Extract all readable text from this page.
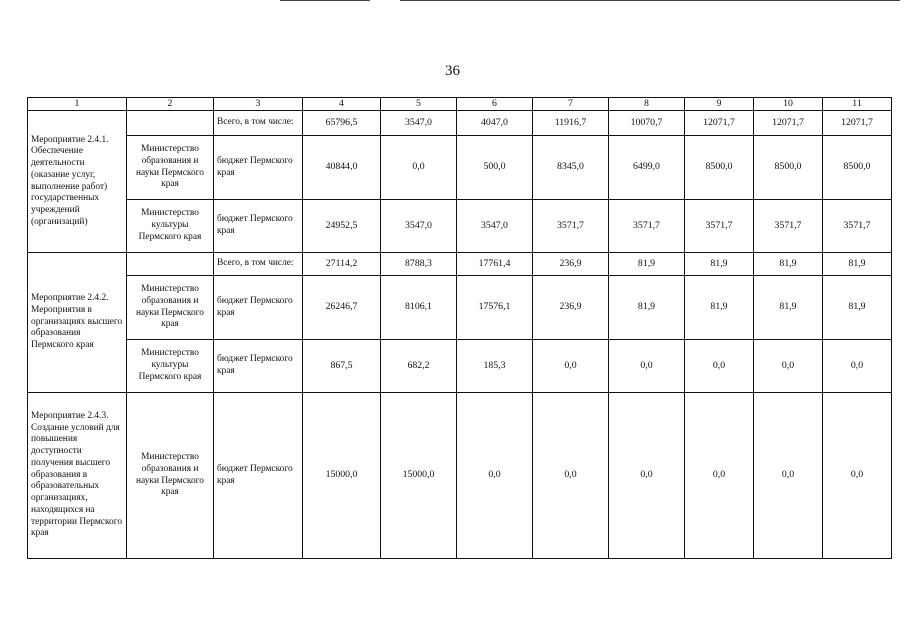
36
1	2	3	4	5	6	7	8	9	10	11
Мероприятие 2.4.1. Обеспечение деятельности (оказание услуг, выполнение работ) государственных учреждений (организаций)		Всего, в том числе:	65796,5	3547,0	4047,0	11916,7	10070,7	12071,7	12071,7	12071,7
	Министерство образования и науки Пермского края	бюджет Пермского края	40844,0	0,0	500,0	8345,0	6499,0	8500,0	8500,0	8500,0
	Министерство культуры Пермского края	бюджет Пермского края	24952,5	3547,0	3547,0	3571,7	3571,7	3571,7	3571,7	3571,7
Мероприятие 2.4.2. Мероприятия в организациях высшего образования Пермского края		Всего, в том числе:	27114,2	8788,3	17761,4	236,9	81,9	81,9	81,9	81,9
	Министерство образования и науки Пермского края	бюджет Пермского края	26246,7	8106,1	17576,1	236,9	81,9	81,9	81,9	81,9
	Министерство культуры Пермского края	бюджет Пермского края	867,5	682,2	185,3	0,0	0,0	0,0	0,0	0,0
Мероприятие 2.4.3. Создание условий для повышения доступности получения высшего образования в образовательных организациях, находящихся на территории Пермского края	Министерство образования и науки Пермского края	бюджет Пермского края	15000,0	15000,0	0,0	0,0	0,0	0,0	0,0	0,0
